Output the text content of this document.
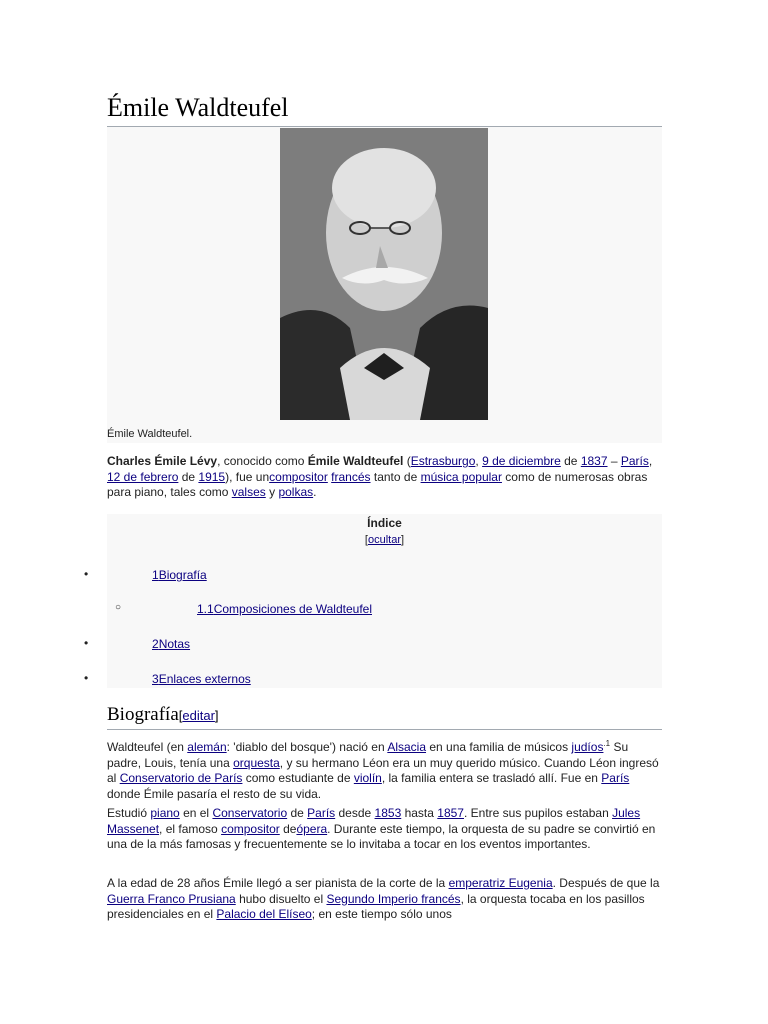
Émile Waldteufel
Émile Waldteufel.
Charles Émile Lévy, conocido como Émile Waldteufel (Estrasburgo, 9 de diciembre de 1837 – París, 12 de febrero de 1915), fue uncompositor francés tanto de música popular como de numerosas obras para piano, tales como valses y polkas.
Índice
[ocultar]
•	1Biografía
○	1.1Composiciones de Waldteufel
•	2Notas
•	3Enlaces externos
Biografía[editar]
Waldteufel (en alemán: 'diablo del bosque') nació en Alsacia en una familia de músicos judíos$^{.1}$ Su padre, Louis, tenía una orquesta, y su hermano Léon era un muy querido músico. Cuando Léon ingresó al Conservatorio de París como estudiante de violín, la familia entera se trasladó allí. Fue en París donde Émile pasaría el resto de su vida.
Estudió piano en el Conservatorio de París desde 1853 hasta 1857. Entre sus pupilos estaban Jules Massenet, el famoso compositor deópera. Durante este tiempo, la orquesta de su padre se convirtió en una de la más famosas y frecuentemente se lo invitaba a tocar en los eventos importantes.
A la edad de 28 años Émile llegó a ser pianista de la corte de la emperatriz Eugenia. Después de que la Guerra Franco Prusiana hubo disuelto el Segundo Imperio francés, la orquesta tocaba en los pasillos presidenciales en el Palacio del Elíseo; en este tiempo sólo unos
